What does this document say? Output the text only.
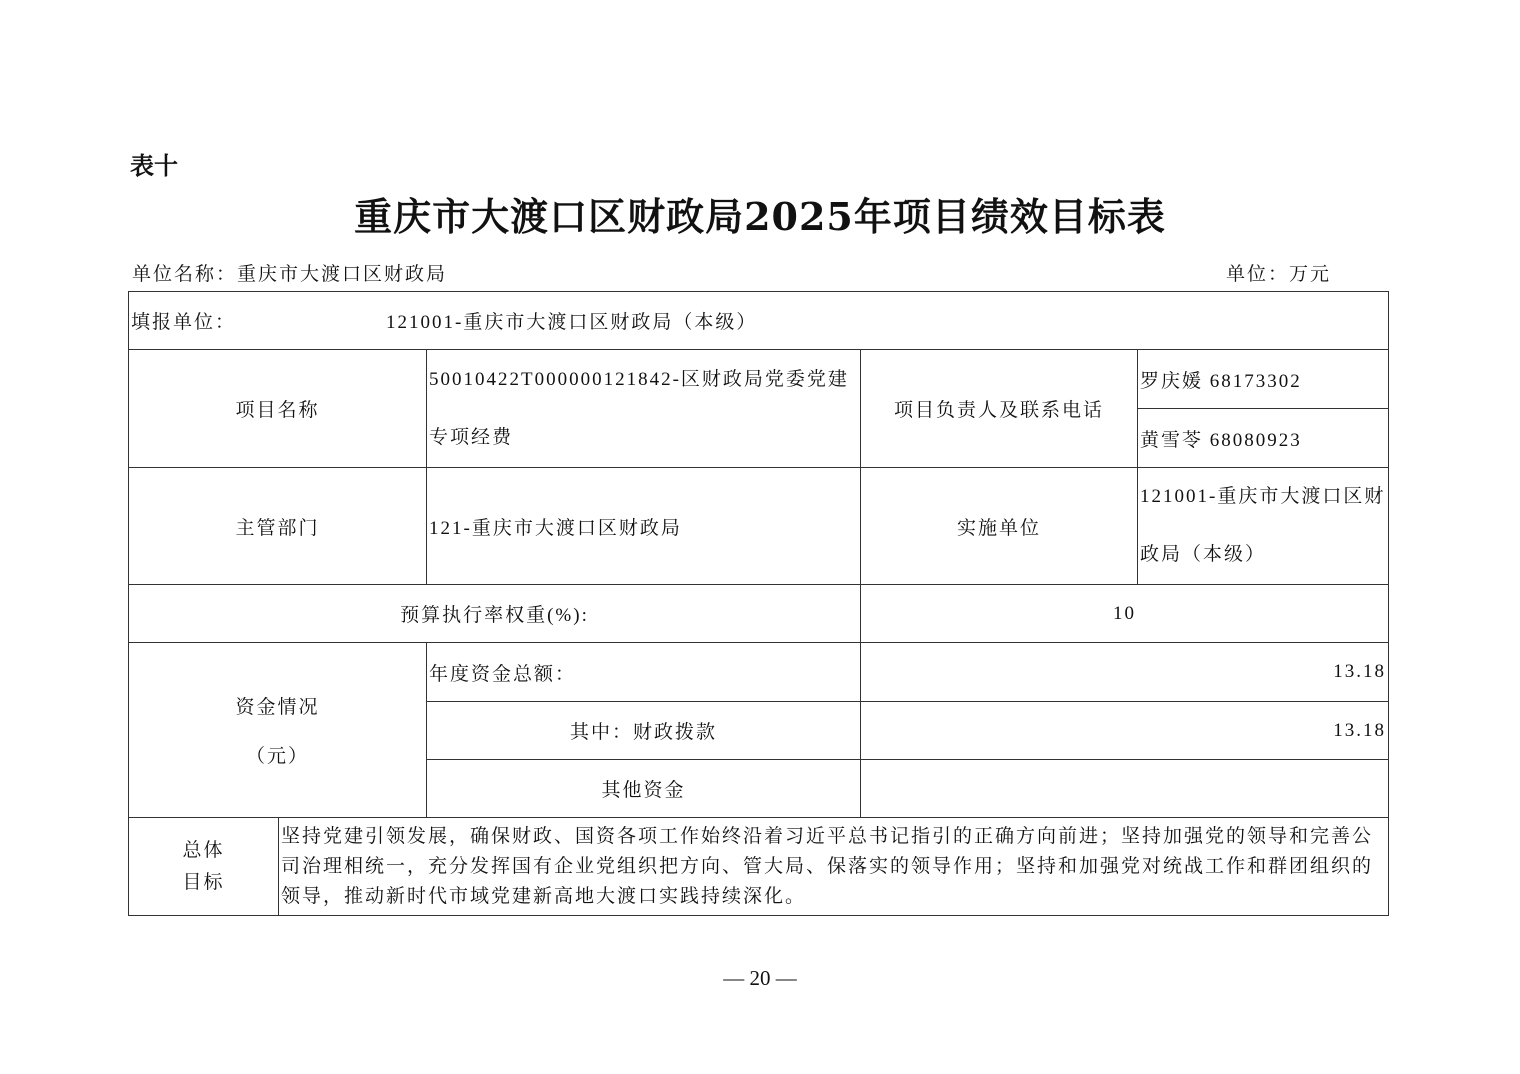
表十
重庆市大渡口区财政局2025年项目绩效目标表
单位名称：重庆市大渡口区财政局	单位：万元
填报单位： 121001-重庆市大渡口区财政局（本级）				
项目名称		50010422T000000121842-区财政局党委党建专项经费	项目负责人及联系电话	罗庆媛 68173302
				黄雪苓 68080923
主管部门		121-重庆市大渡口区财政局	实施单位	121001-重庆市大渡口区财政局（本级）
预算执行率权重(%):			10	

资金情况
（元）		年度资金总额：	13.18	
		其中：财政拨款	13.18	
		其他资金		

总体
目标	坚持党建引领发展，确保财政、国资各项工作始终沿着习近平总书记指引的正确方向前进；坚持加强党的领导和完善公司治理相统一，充分发挥国有企业党组织把方向、管大局、保落实的领导作用；坚持和加强党对统战工作和群团组织的领导，推动新时代市域党建新高地大渡口实践持续深化。			
— 20 —
